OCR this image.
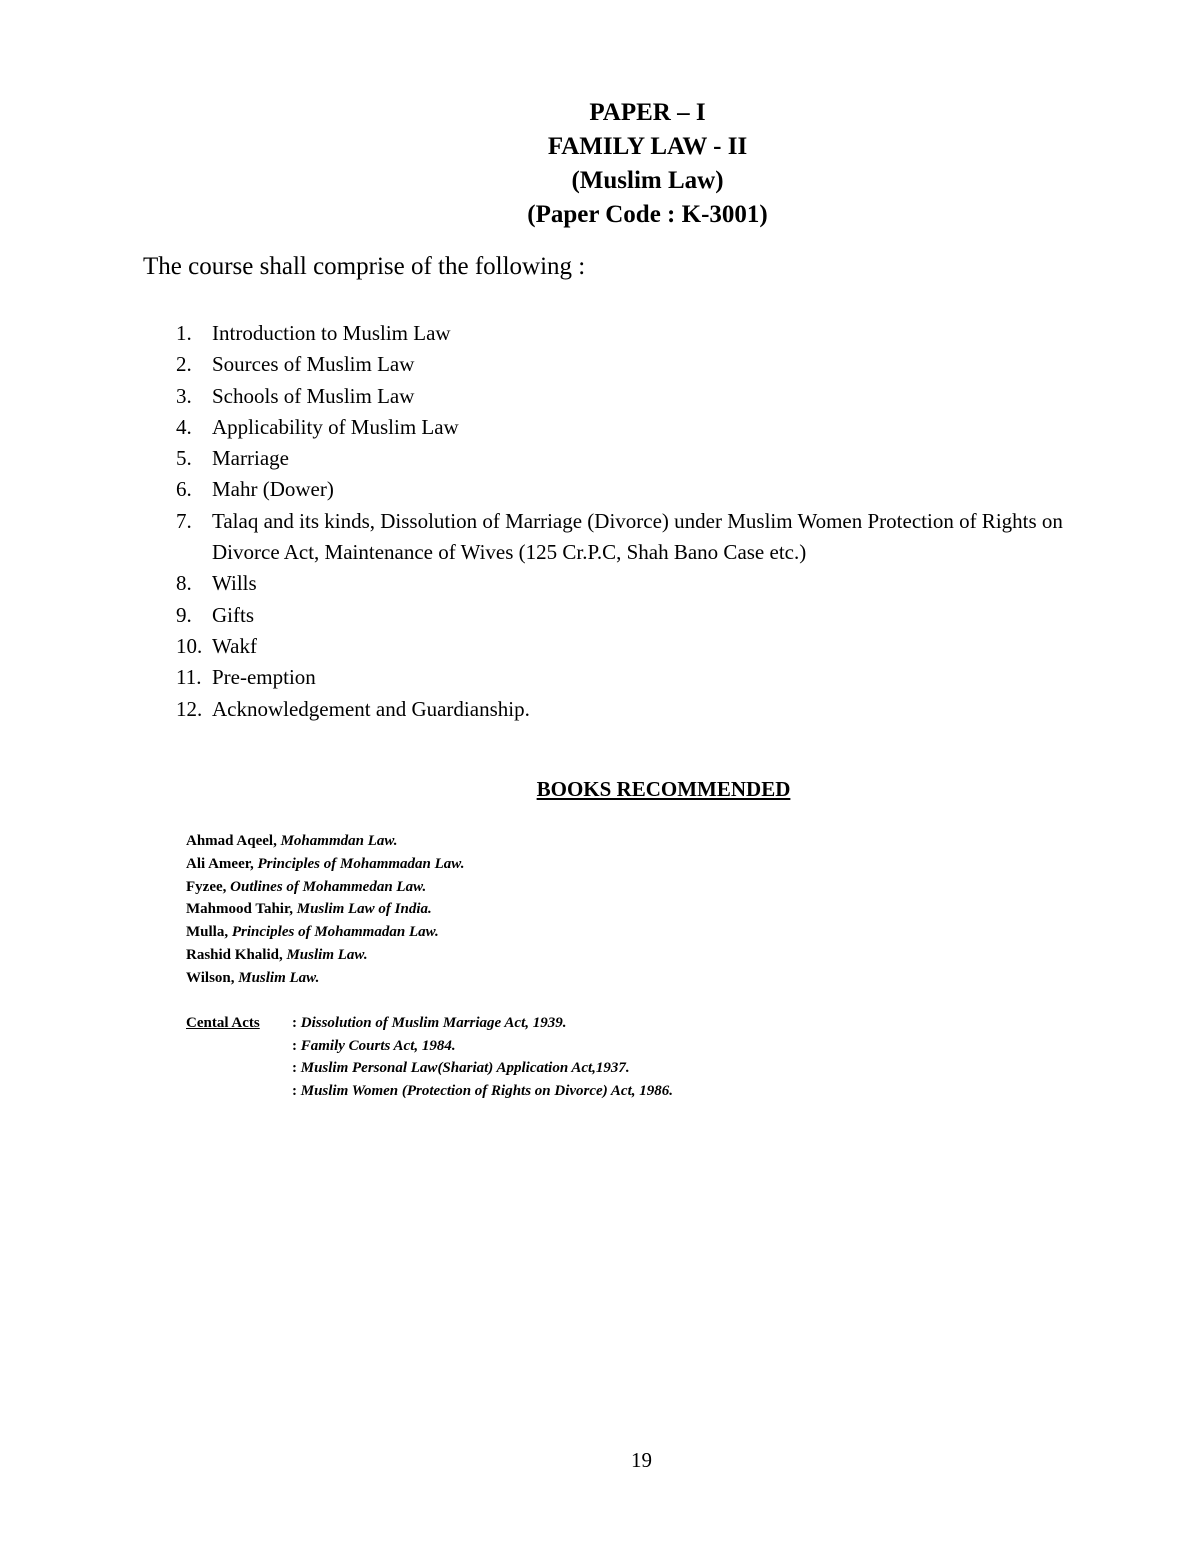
PAPER – I
FAMILY LAW - II
(Muslim Law)
(Paper Code : K-3001)
The course shall comprise of the following :
1. Introduction to Muslim Law
2. Sources of Muslim Law
3. Schools of Muslim Law
4. Applicability of Muslim Law
5. Marriage
6. Mahr (Dower)
7. Talaq and its kinds, Dissolution of Marriage (Divorce) under Muslim Women Protection of Rights on Divorce Act, Maintenance of Wives (125 Cr.P.C, Shah Bano Case etc.)
8. Wills
9. Gifts
10. Wakf
11. Pre-emption
12. Acknowledgement and Guardianship.
BOOKS RECOMMENDED
Ahmad Aqeel, Mohammdan Law.
Ali Ameer, Principles of Mohammadan Law.
Fyzee, Outlines of Mohammedan Law.
Mahmood Tahir, Muslim Law of India.
Mulla, Principles of Mohammadan Law.
Rashid Khalid, Muslim Law.
Wilson, Muslim Law.
Cental Acts : Dissolution of Muslim Marriage Act, 1939.
: Family Courts Act, 1984.
: Muslim Personal Law(Shariat) Application Act,1937.
: Muslim Women (Protection of Rights on Divorce) Act, 1986.
19
